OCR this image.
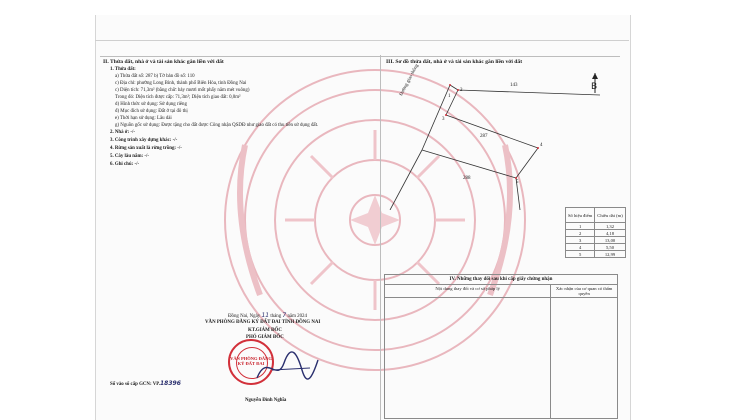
II. Thửa đất, nhà ở và tài sản khác gắn liền với đất
1. Thửa đất:
a) Thửa đất số: 287 b) Tờ bản đồ số: 110
c) Địa chỉ: phường Long Bình, thành phố Biên Hòa, tỉnh Đồng Nai
c) Diện tích: 71,3m² (bằng chữ: bảy mươi mốt phẩy năm mét vuông)
Trong đó: Diện tích được cấp: 71,3m²; Diện tích giao đất: 0,0m²
d) Hình thức sử dụng: Sử dụng riêng
đ) Mục đích sử dụng: Đất ở tại đô thị
e) Thời hạn sử dụng: Lâu dài
g) Nguồn gốc sử dụng: Được tặng cho đất được Công nhận QSDĐ như giao đất có thu tiền sử dụng đất.
2. Nhà ở: -/-
3. Công trình xây dựng khác: -/-
4. Rừng sản xuất là rừng trồng: -/-
5. Cây lâu năm: -/-
6. Ghi chú: -/-
Đồng Nai, Ngày 11 tháng 7 năm 2024
VĂN PHÒNG ĐĂNG KÝ ĐẤT ĐAI TỈNH ĐỒNG NAI
KT.GIÁM ĐỐC
PHÓ GIÁM ĐỐC
VĂN PHÒNG ĐĂNG KÝ ĐẤT ĐAI
Nguyễn Đình Nghĩa
Số vào sổ cấp GCN: VP.18396
III. Sơ đồ thửa đất, nhà ở và tài sản khác gắn liền với đất
B
Đường giao thông	143
287
288
1
2
3
4
5
Số hiệu điểm	Chiều dài (m)
1	1,32
2	4,18
3	13,00
4	5,50
5	12,99
IV. Những thay đổi sau khi cấp giấy chứng nhận
Nội dung thay đổi và cơ sở pháp lý	Xác nhận của cơ quan có thẩm quyền
